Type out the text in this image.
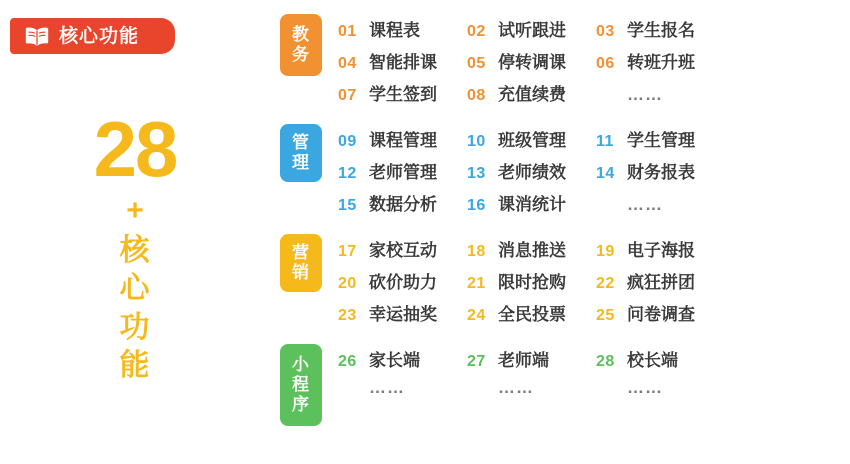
核心功能
28
+
核
心
功
能
教
务
01 课程表	02 试听跟进 03 学生报名
04 智能排课 05 停转调课 06 转班升班
07 学生签到 08 充值续费	……
管
理
09 课程管理 10 班级管理 11 学生管理
12 老师管理 13 老师绩效 14 财务报表
15 数据分析 16 课消统计	……
营
销
17 家校互动 18 消息推送 19 电子海报
20 砍价助力 21 限时抢购 22 疯狂拼团
23 幸运抽奖 24 全民投票 25 问卷调查
小
程
序
26 家长端	27 老师端	28 校长端
……	……	……
